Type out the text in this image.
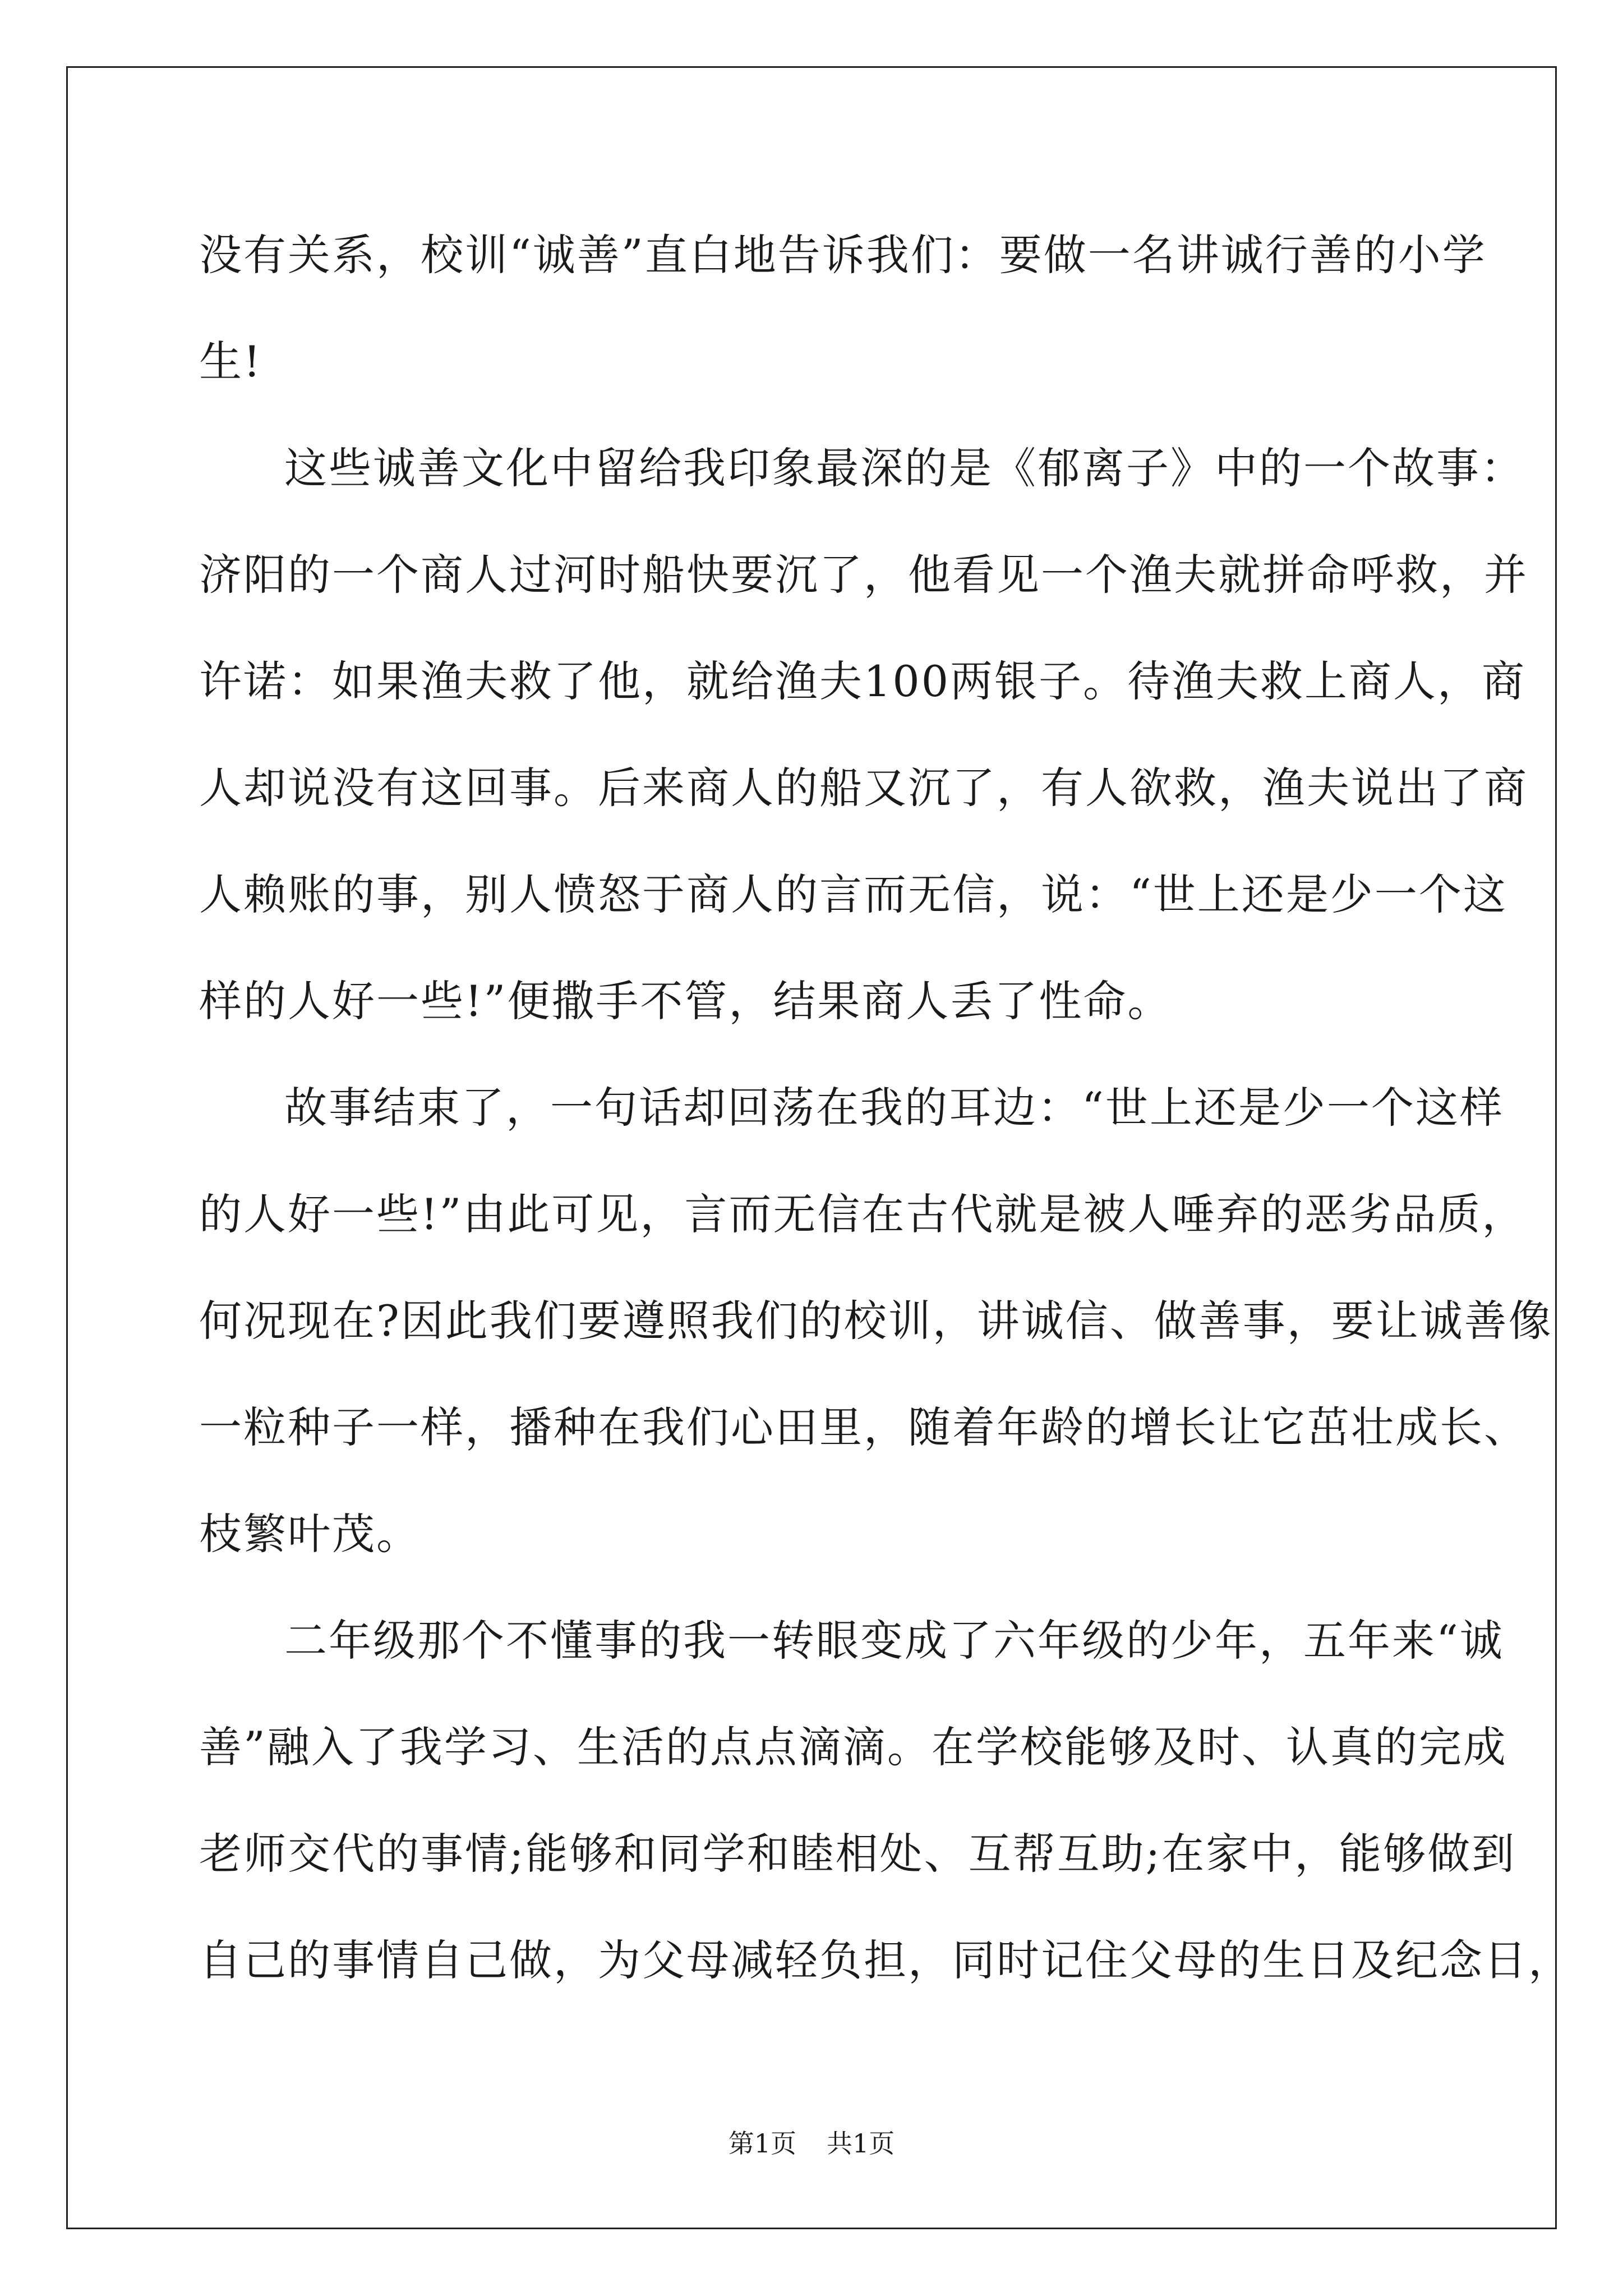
没有关系，校训“诚善”直白地告诉我们：要做一名讲诚行善的小学
生!
这些诚善文化中留给我印象最深的是《郁离子》中的一个故事：
济阳的一个商人过河时船快要沉了，他看见一个渔夫就拼命呼救，并
许诺：如果渔夫救了他，就给渔夫100两银子。待渔夫救上商人，商
人却说没有这回事。后来商人的船又沉了，有人欲救，渔夫说出了商
人赖账的事，别人愤怒于商人的言而无信，说：“世上还是少一个这
样的人好一些!”便撒手不管，结果商人丢了性命。
故事结束了，一句话却回荡在我的耳边：“世上还是少一个这样
的人好一些!”由此可见，言而无信在古代就是被人唾弃的恶劣品质，
何况现在?因此我们要遵照我们的校训，讲诚信、做善事，要让诚善像
一粒种子一样，播种在我们心田里，随着年龄的增长让它茁壮成长、
枝繁叶茂。
二年级那个不懂事的我一转眼变成了六年级的少年，五年来“诚
善”融入了我学习、生活的点点滴滴。在学校能够及时、认真的完成
老师交代的事情;能够和同学和睦相处、互帮互助;在家中，能够做到
自己的事情自己做，为父母减轻负担，同时记住父母的生日及纪念日，
第1页 共1页
